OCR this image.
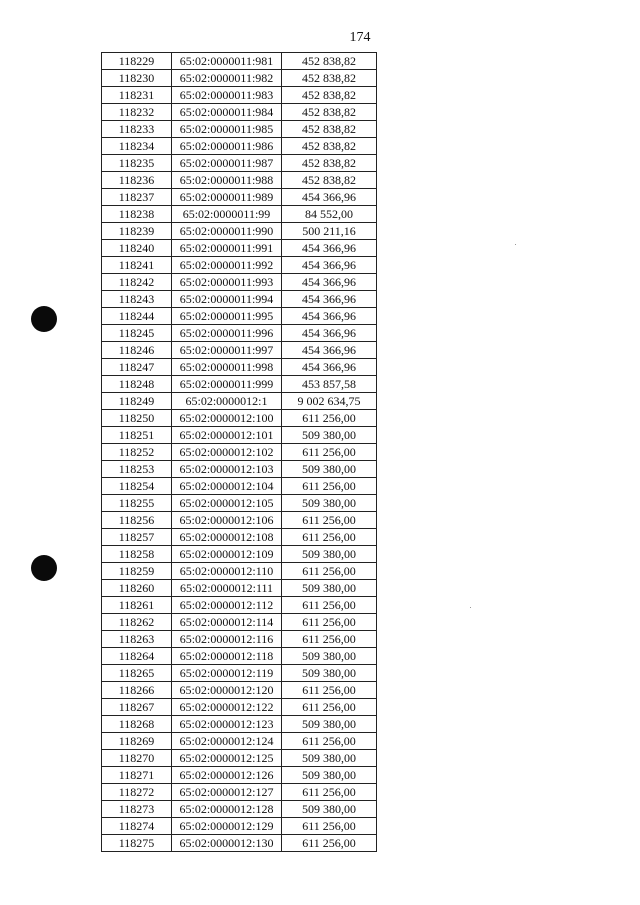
174
118229	65:02:0000011:981	452 838,82
118230	65:02:0000011:982	452 838,82
118231	65:02:0000011:983	452 838,82
118232	65:02:0000011:984	452 838,82
118233	65:02:0000011:985	452 838,82
118234	65:02:0000011:986	452 838,82
118235	65:02:0000011:987	452 838,82
118236	65:02:0000011:988	452 838,82
118237	65:02:0000011:989	454 366,96
118238	65:02:0000011:99	84 552,00
118239	65:02:0000011:990	500 211,16
118240	65:02:0000011:991	454 366,96
118241	65:02:0000011:992	454 366,96
118242	65:02:0000011:993	454 366,96
118243	65:02:0000011:994	454 366,96
118244	65:02:0000011:995	454 366,96
118245	65:02:0000011:996	454 366,96
118246	65:02:0000011:997	454 366,96
118247	65:02:0000011:998	454 366,96
118248	65:02:0000011:999	453 857,58
118249	65:02:0000012:1	9 002 634,75
118250	65:02:0000012:100	611 256,00
118251	65:02:0000012:101	509 380,00
118252	65:02:0000012:102	611 256,00
118253	65:02:0000012:103	509 380,00
118254	65:02:0000012:104	611 256,00
118255	65:02:0000012:105	509 380,00
118256	65:02:0000012:106	611 256,00
118257	65:02:0000012:108	611 256,00
118258	65:02:0000012:109	509 380,00
118259	65:02:0000012:110	611 256,00
118260	65:02:0000012:111	509 380,00
118261	65:02:0000012:112	611 256,00
118262	65:02:0000012:114	611 256,00
118263	65:02:0000012:116	611 256,00
118264	65:02:0000012:118	509 380,00
118265	65:02:0000012:119	509 380,00
118266	65:02:0000012:120	611 256,00
118267	65:02:0000012:122	611 256,00
118268	65:02:0000012:123	509 380,00
118269	65:02:0000012:124	611 256,00
118270	65:02:0000012:125	509 380,00
118271	65:02:0000012:126	509 380,00
118272	65:02:0000012:127	611 256,00
118273	65:02:0000012:128	509 380,00
118274	65:02:0000012:129	611 256,00
118275	65:02:0000012:130	611 256,00
